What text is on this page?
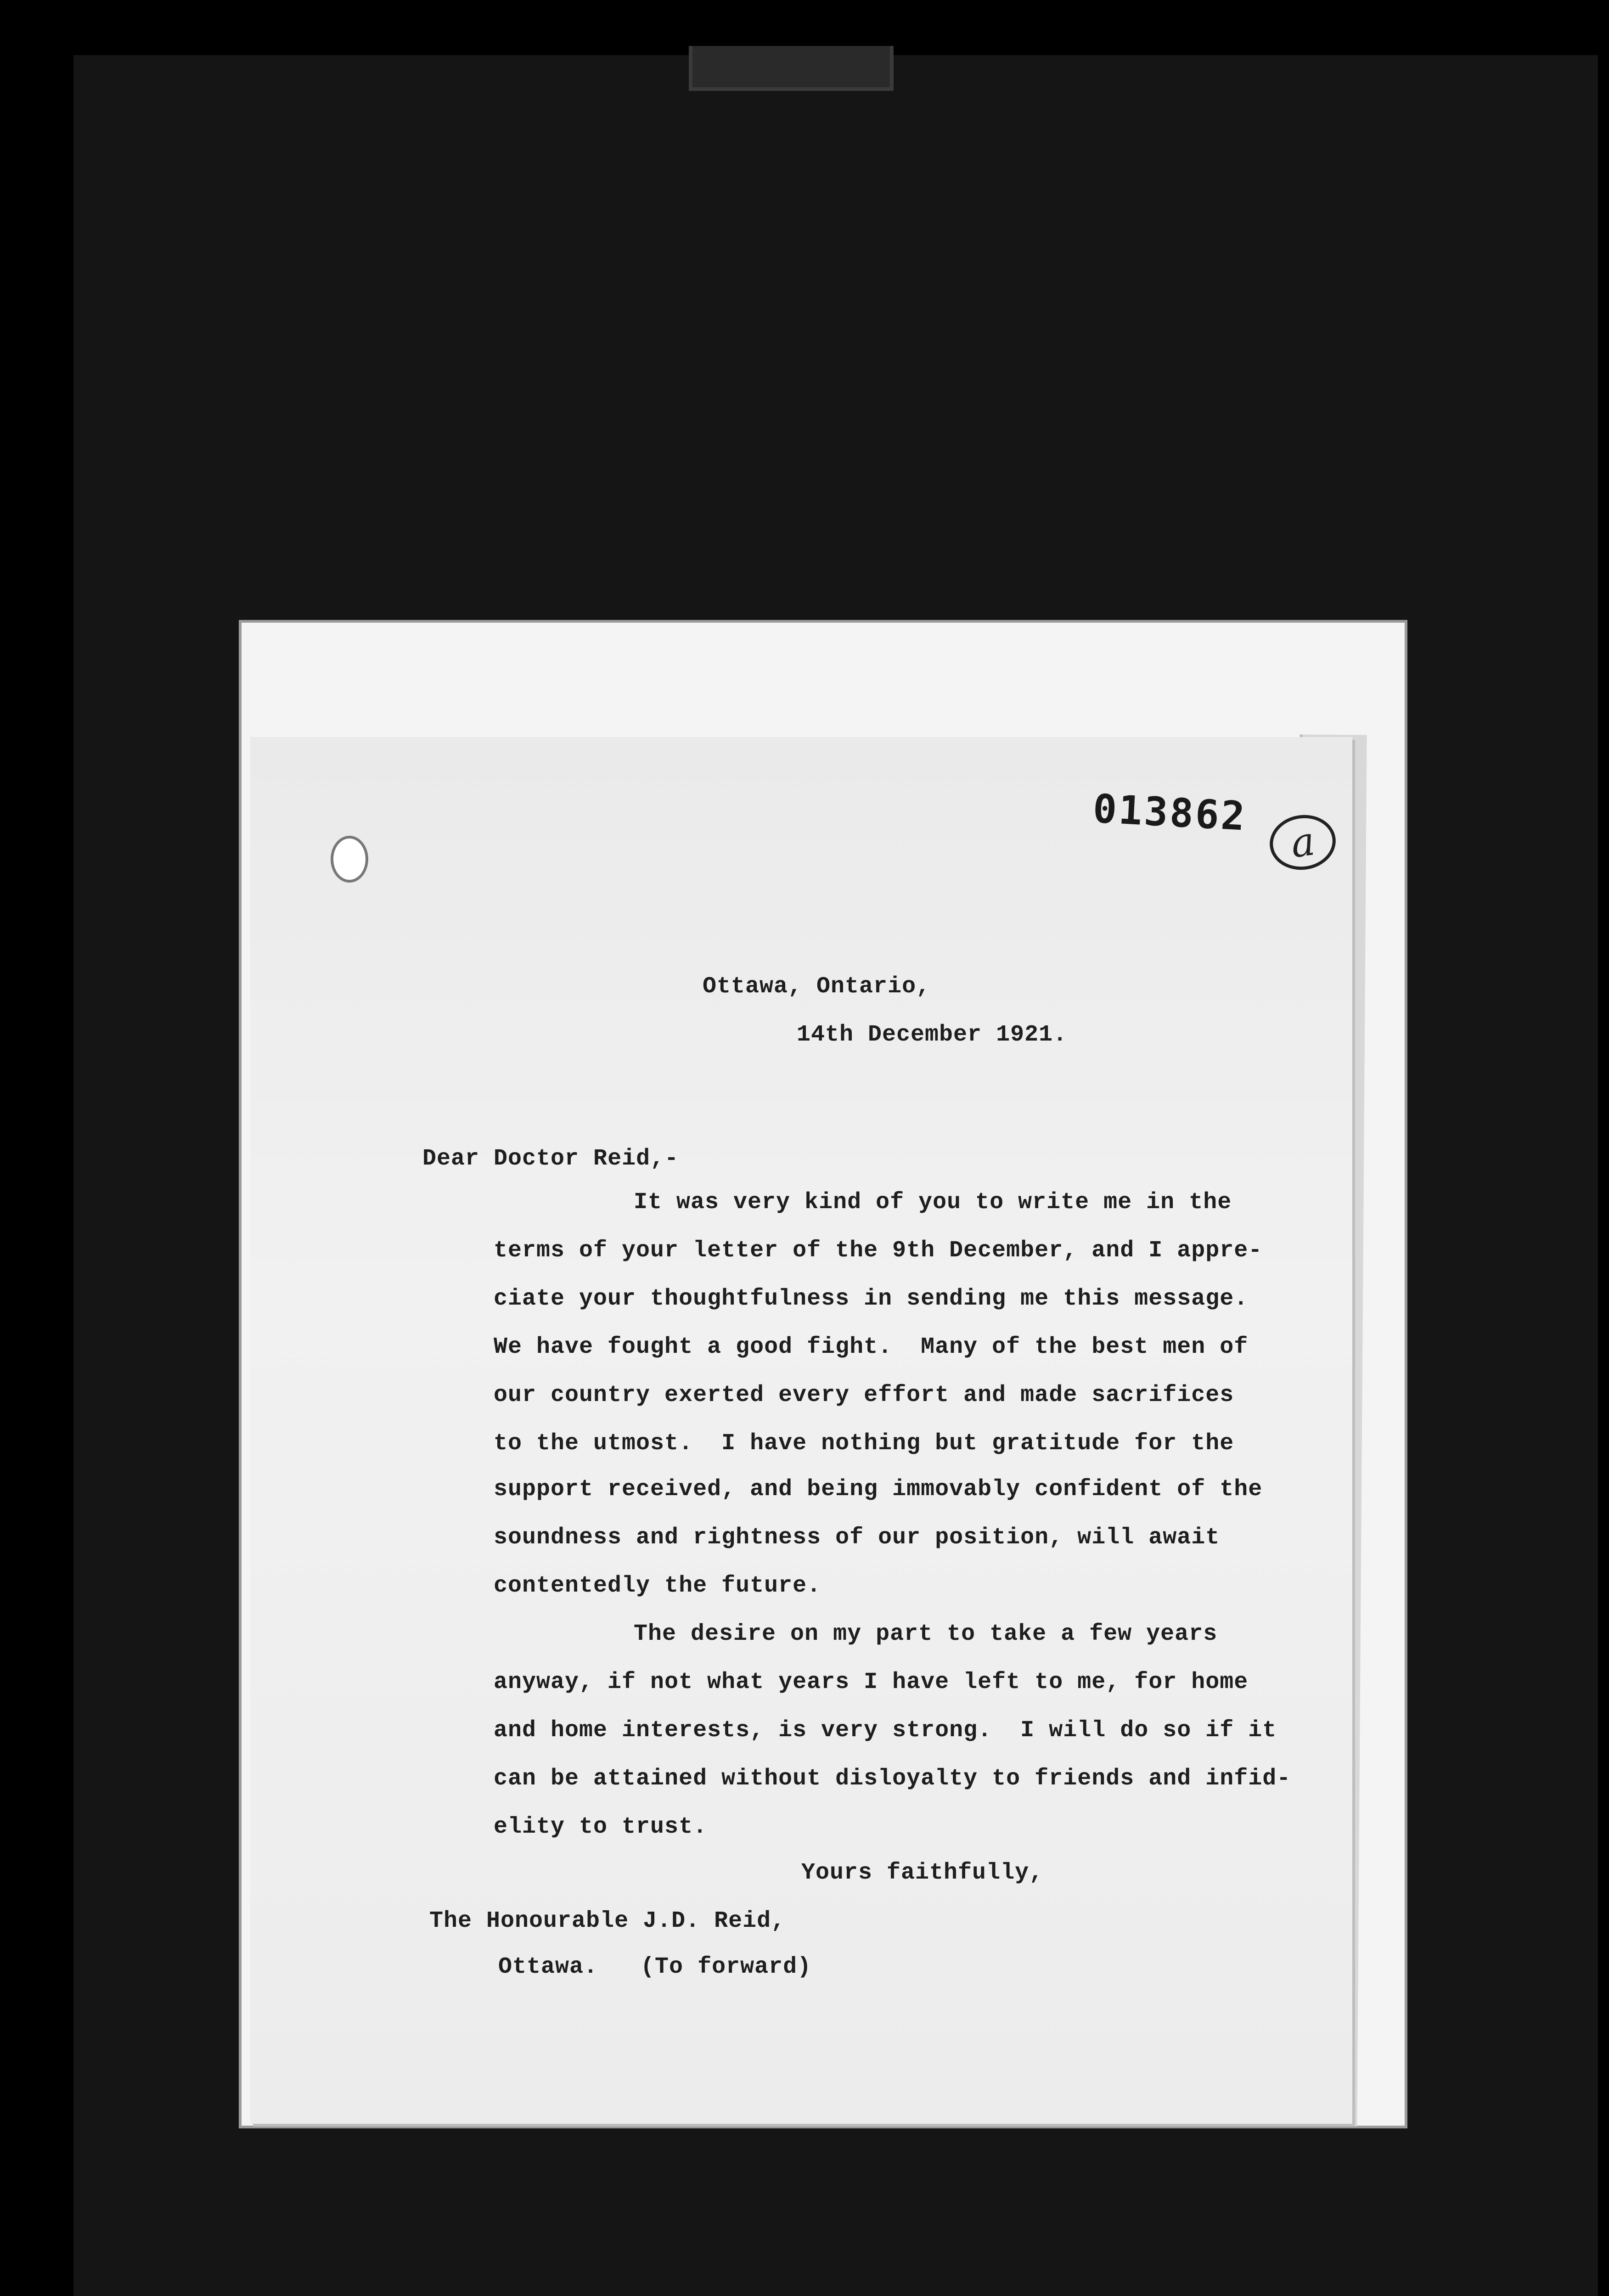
013862
a
Ottawa, Ontario,
14th December 1921.
Dear Doctor Reid,-
It was very kind of you to write me in the
terms of your letter of the 9th December, and I appre-
ciate your thoughtfulness in sending me this message.
We have fought a good fight.  Many of the best men of
our country exerted every effort and made sacrifices
to the utmost.  I have nothing but gratitude for the
support received, and being immovably confident of the
soundness and rightness of our position, will await
contentedly the future.
The desire on my part to take a few years
anyway, if not what years I have left to me, for home
and home interests, is very strong.  I will do so if it
can be attained without disloyalty to friends and infid-
elity to trust.
Yours faithfully,
The Honourable J.D. Reid,
Ottawa.   (To forward)
